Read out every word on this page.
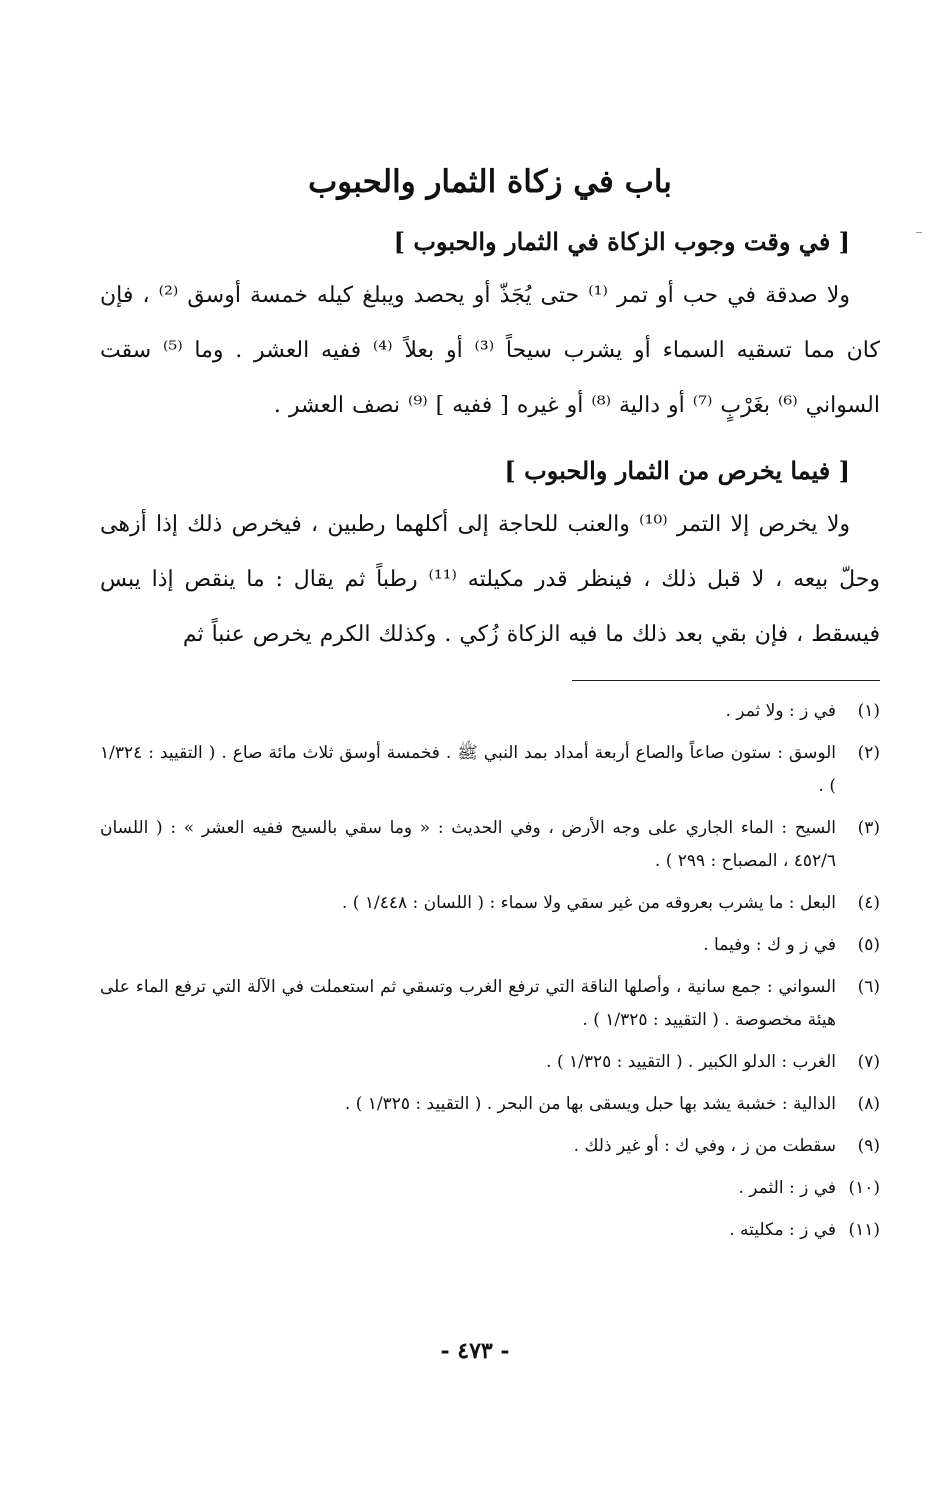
باب في زكاة الثمار والحبوب
[ في وقت وجوب الزكاة في الثمار والحبوب ]

ولا صدقة في حب أو تمر ⁽¹⁾ حتى يُجَذّ أو يحصد ويبلغ كيله خمسة أوسق ⁽²⁾ ، فإن كان مما تسقيه السماء أو يشرب سيحاً ⁽³⁾ أو بعلاً ⁽⁴⁾ ففيه العشر . وما ⁽⁵⁾ سقت السواني ⁽⁶⁾ بغَرْبٍ ⁽⁷⁾ أو دالية ⁽⁸⁾ أو غيره [ ففيه ] ⁽⁹⁾ نصف العشر .

[ فيما يخرص من الثمار والحبوب ]

ولا يخرص إلا التمر ⁽¹⁰⁾ والعنب للحاجة إلى أكلهما رطبين ، فيخرص ذلك إذا أزهى وحلّ بيعه ، لا قبل ذلك ، فينظر قدر مكيلته ⁽¹¹⁾ رطباً ثم يقال : ما ينقص إذا يبس فيسقط ، فإن بقي بعد ذلك ما فيه الزكاة زُكي . وكذلك الكرم يخرص عنباً ثم

(١)
في ز : ولا ثمر .
(٢)
الوسق : ستون صاعاً والصاع أربعة أمداد بمد النبي ﷺ . فخمسة أوسق ثلاث مائة صاع . ( التقييد : ١/٣٢٤ ) .
(٣)
السيح : الماء الجاري على وجه الأرض ، وفي الحديث : « وما سقي بالسيح ففيه العشر » : ( اللسان ٤٥٢/٦ ، المصباح : ٢٩٩ ) .
(٤)
البعل : ما يشرب بعروقه من غير سقي ولا سماء : ( اللسان : ١/٤٤٨ ) .
(٥)
في ز و ك : وفيما .
(٦)
السواني : جمع سانية ، وأصلها الناقة التي ترفع الغرب وتسقي ثم استعملت في الآلة التي ترفع الماء على هيئة مخصوصة . ( التقييد : ١/٣٢٥ ) .
(٧)
الغرب : الدلو الكبير . ( التقييد : ١/٣٢٥ ) .
(٨)
الدالية : خشبة يشد بها حبل ويسقى بها من البحر . ( التقييد : ١/٣٢٥ ) .
(٩)
سقطت من ز ، وفي ك : أو غير ذلك .
(١٠)
في ز : الثمر .
(١١)
في ز : مكليته .
- ٤٧٣ -
